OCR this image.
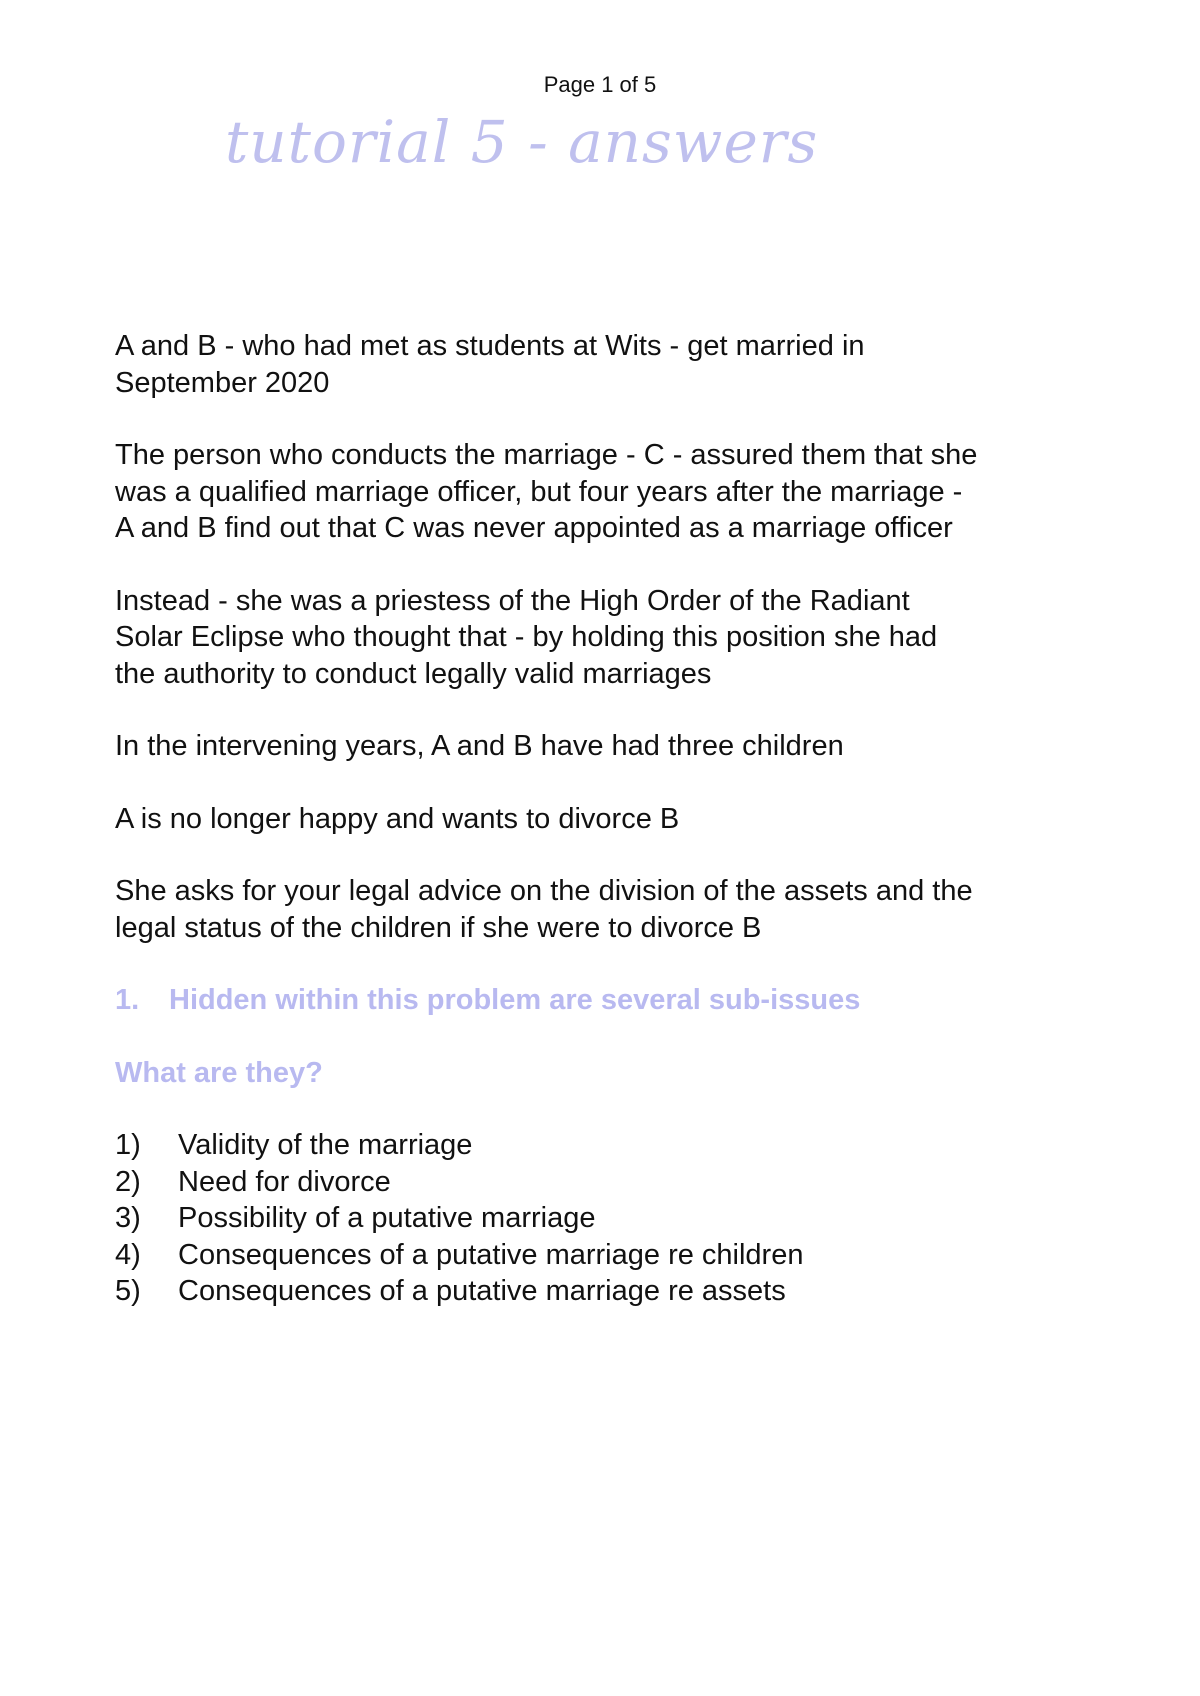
Page 1 of 5
tutorial 5 - answers

A and B - who had met as students at Wits - get married in
September 2020

The person who conducts the marriage - C - assured them that she
was a qualified marriage officer, but four years after the marriage -
A and B find out that C was never appointed as a marriage officer

Instead - she was a priestess of the High Order of the Radiant
Solar Eclipse who thought that - by holding this position she had
the authority to conduct legally valid marriages

In the intervening years, A and B have had three children

A is no longer happy and wants to divorce B

She asks for your legal advice on the division of the assets and the
legal status of the children if she were to divorce B

1. Hidden within this problem are several sub-issues
What are they?
1)	Validity of the marriage
2)	Need for divorce
3)	Possibility of a putative marriage
4)	Consequences of a putative marriage re children
5)	Consequences of a putative marriage re assets
